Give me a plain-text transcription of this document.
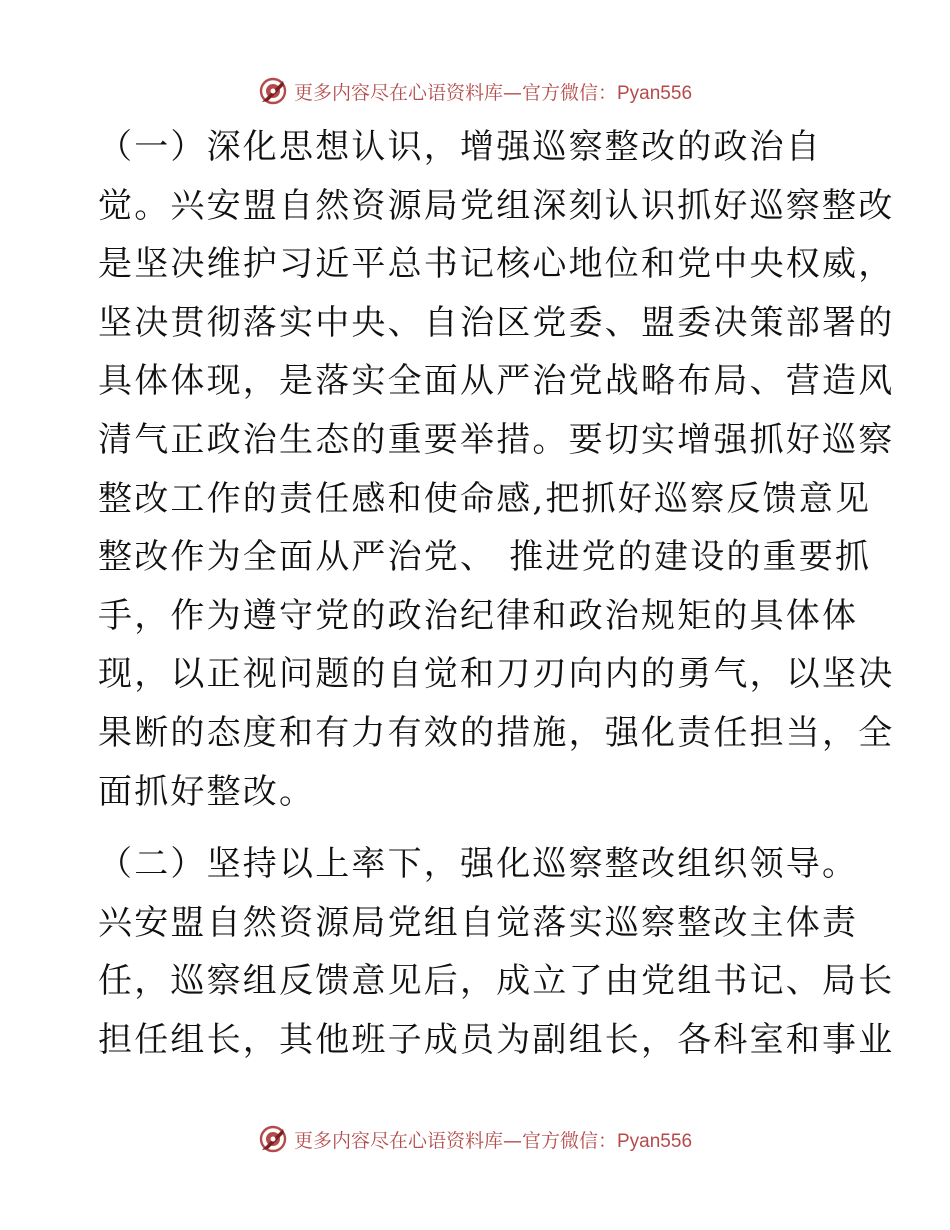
更多内容尽在心语资料库—官方微信：Pyan556
（一）深化思想认识，增强巡察整改的政治自
觉。兴安盟自然资源局党组深刻认识抓好巡察整改
是坚决维护习近平总书记核心地位和党中央权威，
坚决贯彻落实中央、自治区党委、盟委决策部署的
具体体现，是落实全面从严治党战略布局、营造风
清气正政治生态的重要举措。要切实增强抓好巡察
整改工作的责任感和使命感,把抓好巡察反馈意见
整改作为全面从严治党、 推进党的建设的重要抓
手，作为遵守党的政治纪律和政治规矩的具体体
现，以正视问题的自觉和刀刃向内的勇气，以坚决
果断的态度和有力有效的措施，强化责任担当，全
面抓好整改。
（二）坚持以上率下，强化巡察整改组织领导。
兴安盟自然资源局党组自觉落实巡察整改主体责
任，巡察组反馈意见后，成立了由党组书记、局长
担任组长，其他班子成员为副组长，各科室和事业
更多内容尽在心语资料库—官方微信：Pyan556
